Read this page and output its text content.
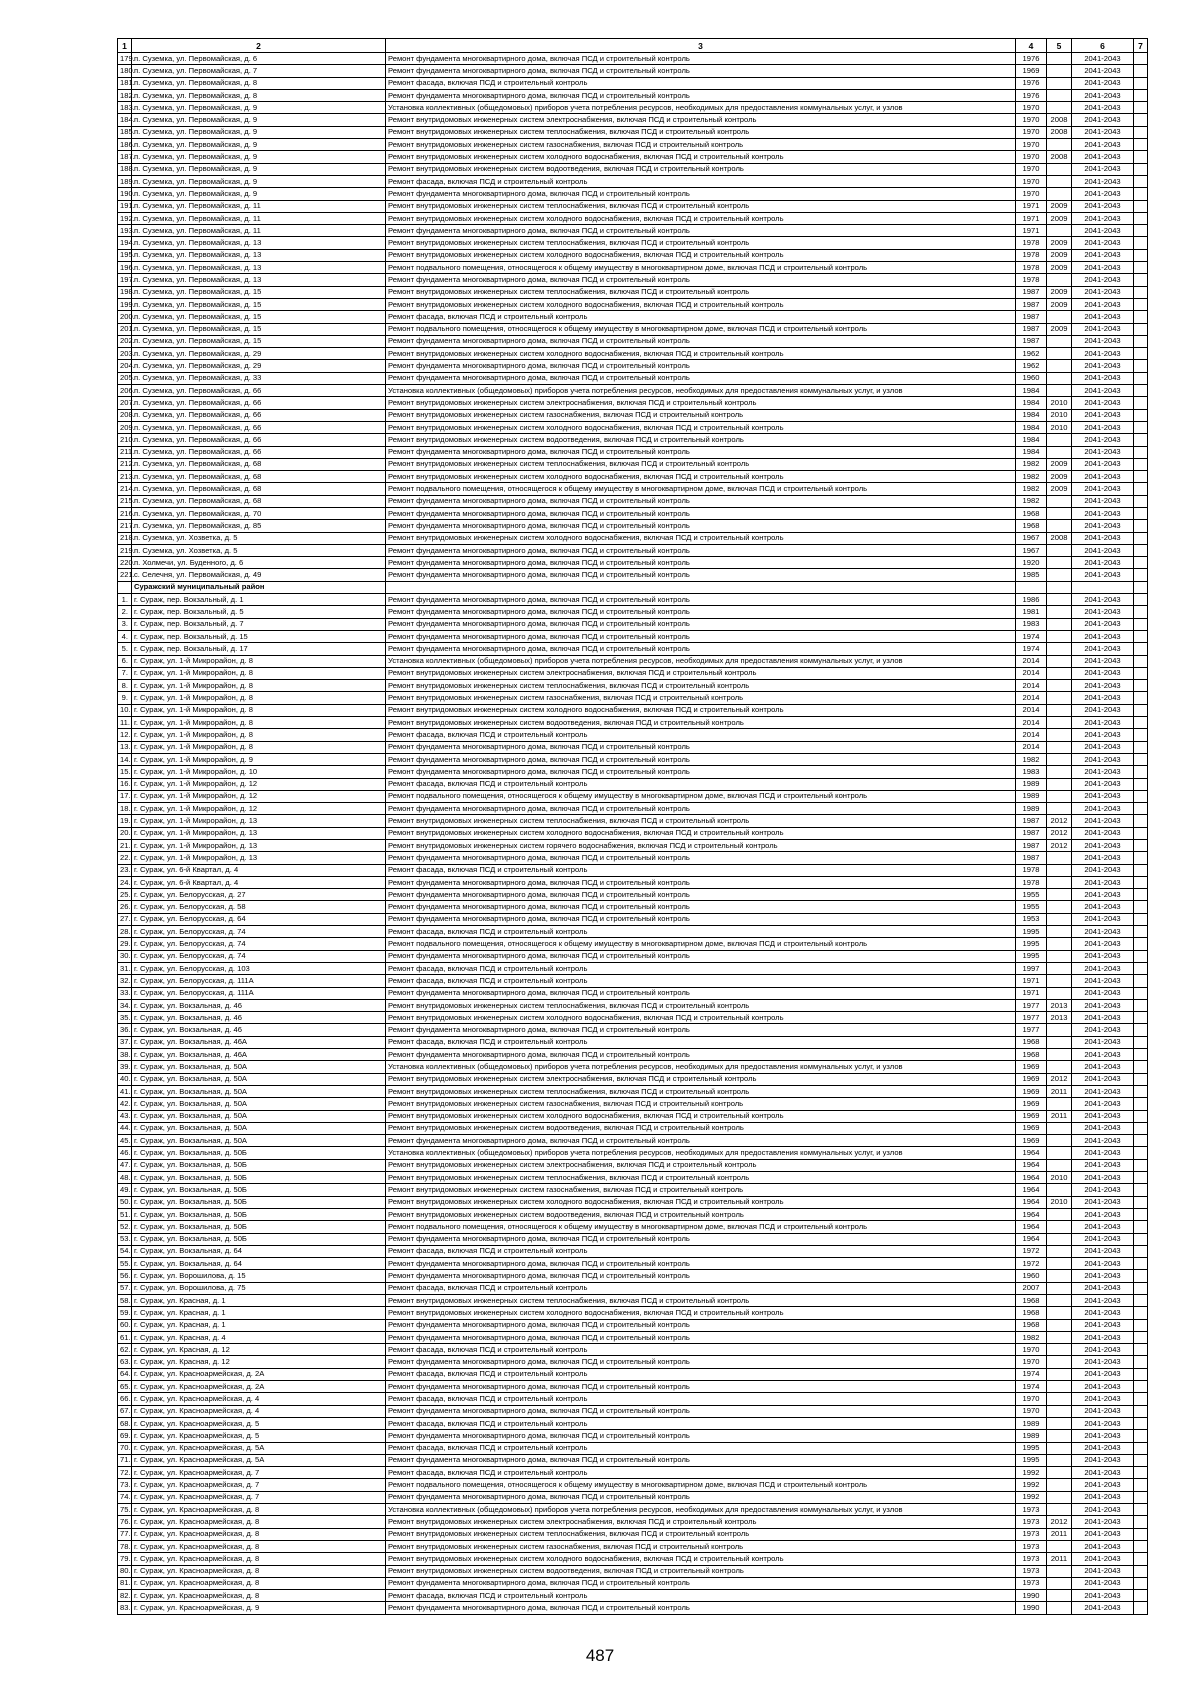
1	2	3	4	5	6	7
179.	п. Суземка, ул. Первомайская, д. 6	Ремонт фундамента многоквартирного дома, включая ПСД и строительный контроль	1976		2041-2043	
180.	п. Суземка, ул. Первомайская, д. 7	Ремонт фундамента многоквартирного дома, включая ПСД и строительный контроль	1969		2041-2043	
181.	п. Суземка, ул. Первомайская, д. 8	Ремонт фасада, включая ПСД и строительный контроль	1976		2041-2043	
182.	п. Суземка, ул. Первомайская, д. 8	Ремонт фундамента многоквартирного дома, включая ПСД и строительный контроль	1976		2041-2043	
183.	п. Суземка, ул. Первомайская, д. 9	Установка коллективных (общедомовых) приборов учета потребления ресурсов, необходимых для предоставления коммунальных услуг, и узлов	1970		2041-2043	
184.	п. Суземка, ул. Первомайская, д. 9	Ремонт внутридомовых инженерных систем электроснабжения, включая ПСД и строительный контроль	1970	2008	2041-2043	
185.	п. Суземка, ул. Первомайская, д. 9	Ремонт внутридомовых инженерных систем теплоснабжения, включая ПСД и строительный контроль	1970	2008	2041-2043	
186.	п. Суземка, ул. Первомайская, д. 9	Ремонт внутридомовых инженерных систем газоснабжения, включая ПСД и строительный контроль	1970		2041-2043	
187.	п. Суземка, ул. Первомайская, д. 9	Ремонт внутридомовых инженерных систем холодного водоснабжения, включая ПСД и строительный контроль	1970	2008	2041-2043	
188.	п. Суземка, ул. Первомайская, д. 9	Ремонт внутридомовых инженерных систем водоотведения, включая ПСД и строительный контроль	1970		2041-2043	
189.	п. Суземка, ул. Первомайская, д. 9	Ремонт фасада, включая ПСД и строительный контроль	1970		2041-2043	
190.	п. Суземка, ул. Первомайская, д. 9	Ремонт фундамента многоквартирного дома, включая ПСД и строительный контроль	1970		2041-2043	
191.	п. Суземка, ул. Первомайская, д. 11	Ремонт внутридомовых инженерных систем теплоснабжения, включая ПСД и строительный контроль	1971	2009	2041-2043	
192.	п. Суземка, ул. Первомайская, д. 11	Ремонт внутридомовых инженерных систем холодного водоснабжения, включая ПСД и строительный контроль	1971	2009	2041-2043	
193.	п. Суземка, ул. Первомайская, д. 11	Ремонт фундамента многоквартирного дома, включая ПСД и строительный контроль	1971		2041-2043	
194.	п. Суземка, ул. Первомайская, д. 13	Ремонт внутридомовых инженерных систем теплоснабжения, включая ПСД и строительный контроль	1978	2009	2041-2043	
195.	п. Суземка, ул. Первомайская, д. 13	Ремонт внутридомовых инженерных систем холодного водоснабжения, включая ПСД и строительный контроль	1978	2009	2041-2043	
196.	п. Суземка, ул. Первомайская, д. 13	Ремонт подвального помещения, относящегося к общему имуществу в многоквартирном доме, включая ПСД и строительный контроль	1978	2009	2041-2043	
197.	п. Суземка, ул. Первомайская, д. 13	Ремонт фундамента многоквартирного дома, включая ПСД и строительный контроль	1978		2041-2043	
198.	п. Суземка, ул. Первомайская, д. 15	Ремонт внутридомовых инженерных систем теплоснабжения, включая ПСД и строительный контроль	1987	2009	2041-2043	
199.	п. Суземка, ул. Первомайская, д. 15	Ремонт внутридомовых инженерных систем холодного водоснабжения, включая ПСД и строительный контроль	1987	2009	2041-2043	
200.	п. Суземка, ул. Первомайская, д. 15	Ремонт фасада, включая ПСД и строительный контроль	1987		2041-2043	
201.	п. Суземка, ул. Первомайская, д. 15	Ремонт подвального помещения, относящегося к общему имуществу в многоквартирном доме, включая ПСД и строительный контроль	1987	2009	2041-2043	
202.	п. Суземка, ул. Первомайская, д. 15	Ремонт фундамента многоквартирного дома, включая ПСД и строительный контроль	1987		2041-2043	
203.	п. Суземка, ул. Первомайская, д. 29	Ремонт внутридомовых инженерных систем холодного водоснабжения, включая ПСД и строительный контроль	1962		2041-2043	
204.	п. Суземка, ул. Первомайская, д. 29	Ремонт фундамента многоквартирного дома, включая ПСД и строительный контроль	1962		2041-2043	
205.	п. Суземка, ул. Первомайская, д. 33	Ремонт фундамента многоквартирного дома, включая ПСД и строительный контроль	1960		2041-2043	
206.	п. Суземка, ул. Первомайская, д. 66	Установка коллективных (общедомовых) приборов учета потребления ресурсов, необходимых для предоставления коммунальных услуг, и узлов	1984		2041-2043	
207.	п. Суземка, ул. Первомайская, д. 66	Ремонт внутридомовых инженерных систем электроснабжения, включая ПСД и строительный контроль	1984	2010	2041-2043	
208.	п. Суземка, ул. Первомайская, д. 66	Ремонт внутридомовых инженерных систем газоснабжения, включая ПСД и строительный контроль	1984	2010	2041-2043	
209.	п. Суземка, ул. Первомайская, д. 66	Ремонт внутридомовых инженерных систем холодного водоснабжения, включая ПСД и строительный контроль	1984	2010	2041-2043	
210.	п. Суземка, ул. Первомайская, д. 66	Ремонт внутридомовых инженерных систем водоотведения, включая ПСД и строительный контроль	1984		2041-2043	
211.	п. Суземка, ул. Первомайская, д. 66	Ремонт фундамента многоквартирного дома, включая ПСД и строительный контроль	1984		2041-2043	
212.	п. Суземка, ул. Первомайская, д. 68	Ремонт внутридомовых инженерных систем теплоснабжения, включая ПСД и строительный контроль	1982	2009	2041-2043	
213.	п. Суземка, ул. Первомайская, д. 68	Ремонт внутридомовых инженерных систем холодного водоснабжения, включая ПСД и строительный контроль	1982	2009	2041-2043	
214.	п. Суземка, ул. Первомайская, д. 68	Ремонт подвального помещения, относящегося к общему имуществу в многоквартирном доме, включая ПСД и строительный контроль	1982	2009	2041-2043	
215.	п. Суземка, ул. Первомайская, д. 68	Ремонт фундамента многоквартирного дома, включая ПСД и строительный контроль	1982		2041-2043	
216.	п. Суземка, ул. Первомайская, д. 70	Ремонт фундамента многоквартирного дома, включая ПСД и строительный контроль	1968		2041-2043	
217.	п. Суземка, ул. Первомайская, д. 85	Ремонт фундамента многоквартирного дома, включая ПСД и строительный контроль	1968		2041-2043	
218.	п. Суземка, ул. Хозветка, д. 5	Ремонт внутридомовых инженерных систем холодного водоснабжения, включая ПСД и строительный контроль	1967	2008	2041-2043	
219.	п. Суземка, ул. Хозветка, д. 5	Ремонт фундамента многоквартирного дома, включая ПСД и строительный контроль	1967		2041-2043	
220.	п. Холмечи, ул. Буденного, д. 6	Ремонт фундамента многоквартирного дома, включая ПСД и строительный контроль	1920		2041-2043	
221.	с. Селечня, ул. Первомайская, д. 49	Ремонт фундамента многоквартирного дома, включая ПСД и строительный контроль	1985		2041-2043	
	Суражский муниципальный район					
1.	г. Сураж, пер. Вокзальный, д. 1	Ремонт фундамента многоквартирного дома, включая ПСД и строительный контроль	1986		2041-2043	
2.	г. Сураж, пер. Вокзальный, д. 5	Ремонт фундамента многоквартирного дома, включая ПСД и строительный контроль	1981		2041-2043	
3.	г. Сураж, пер. Вокзальный, д. 7	Ремонт фундамента многоквартирного дома, включая ПСД и строительный контроль	1983		2041-2043	
4.	г. Сураж, пер. Вокзальный, д. 15	Ремонт фундамента многоквартирного дома, включая ПСД и строительный контроль	1974		2041-2043	
5.	г. Сураж, пер. Вокзальный, д. 17	Ремонт фундамента многоквартирного дома, включая ПСД и строительный контроль	1974		2041-2043	
6.	г. Сураж, ул. 1-й Микрорайон, д. 8	Установка коллективных (общедомовых) приборов учета потребления ресурсов, необходимых для предоставления коммунальных услуг, и узлов	2014		2041-2043	
7.	г. Сураж, ул. 1-й Микрорайон, д. 8	Ремонт внутридомовых инженерных систем электроснабжения, включая ПСД и строительный контроль	2014		2041-2043	
8.	г. Сураж, ул. 1-й Микрорайон, д. 8	Ремонт внутридомовых инженерных систем теплоснабжения, включая ПСД и строительный контроль	2014		2041-2043	
9.	г. Сураж, ул. 1-й Микрорайон, д. 8	Ремонт внутридомовых инженерных систем газоснабжения, включая ПСД и строительный контроль	2014		2041-2043	
10.	г. Сураж, ул. 1-й Микрорайон, д. 8	Ремонт внутридомовых инженерных систем холодного водоснабжения, включая ПСД и строительный контроль	2014		2041-2043	
11.	г. Сураж, ул. 1-й Микрорайон, д. 8	Ремонт внутридомовых инженерных систем водоотведения, включая ПСД и строительный контроль	2014		2041-2043	
12.	г. Сураж, ул. 1-й Микрорайон, д. 8	Ремонт фасада, включая ПСД и строительный контроль	2014		2041-2043	
13.	г. Сураж, ул. 1-й Микрорайон, д. 8	Ремонт фундамента многоквартирного дома, включая ПСД и строительный контроль	2014		2041-2043	
14.	г. Сураж, ул. 1-й Микрорайон, д. 9	Ремонт фундамента многоквартирного дома, включая ПСД и строительный контроль	1982		2041-2043	
15.	г. Сураж, ул. 1-й Микрорайон, д. 10	Ремонт фундамента многоквартирного дома, включая ПСД и строительный контроль	1983		2041-2043	
16.	г. Сураж, ул. 1-й Микрорайон, д. 12	Ремонт фасада, включая ПСД и строительный контроль	1989		2041-2043	
17.	г. Сураж, ул. 1-й Микрорайон, д. 12	Ремонт подвального помещения, относящегося к общему имуществу в многоквартирном доме, включая ПСД и строительный контроль	1989		2041-2043	
18.	г. Сураж, ул. 1-й Микрорайон, д. 12	Ремонт фундамента многоквартирного дома, включая ПСД и строительный контроль	1989		2041-2043	
19.	г. Сураж, ул. 1-й Микрорайон, д. 13	Ремонт внутридомовых инженерных систем теплоснабжения, включая ПСД и строительный контроль	1987	2012	2041-2043	
20.	г. Сураж, ул. 1-й Микрорайон, д. 13	Ремонт внутридомовых инженерных систем холодного водоснабжения, включая ПСД и строительный контроль	1987	2012	2041-2043	
21.	г. Сураж, ул. 1-й Микрорайон, д. 13	Ремонт внутридомовых инженерных систем горячего водоснабжения, включая ПСД и строительный контроль	1987	2012	2041-2043	
22.	г. Сураж, ул. 1-й Микрорайон, д. 13	Ремонт фундамента многоквартирного дома, включая ПСД и строительный контроль	1987		2041-2043	
23.	г. Сураж, ул. 6-й Квартал, д. 4	Ремонт фасада, включая ПСД и строительный контроль	1978		2041-2043	
24.	г. Сураж, ул. 6-й Квартал, д. 4	Ремонт фундамента многоквартирного дома, включая ПСД и строительный контроль	1978		2041-2043	
25.	г. Сураж, ул. Белорусская, д. 27	Ремонт фундамента многоквартирного дома, включая ПСД и строительный контроль	1955		2041-2043	
26.	г. Сураж, ул. Белорусская, д. 58	Ремонт фундамента многоквартирного дома, включая ПСД и строительный контроль	1955		2041-2043	
27.	г. Сураж, ул. Белорусская, д. 64	Ремонт фундамента многоквартирного дома, включая ПСД и строительный контроль	1953		2041-2043	
28.	г. Сураж, ул. Белорусская, д. 74	Ремонт фасада, включая ПСД и строительный контроль	1995		2041-2043	
29.	г. Сураж, ул. Белорусская, д. 74	Ремонт подвального помещения, относящегося к общему имуществу в многоквартирном доме, включая ПСД и строительный контроль	1995		2041-2043	
30.	г. Сураж, ул. Белорусская, д. 74	Ремонт фундамента многоквартирного дома, включая ПСД и строительный контроль	1995		2041-2043	
31.	г. Сураж, ул. Белорусская, д. 103	Ремонт фасада, включая ПСД и строительный контроль	1997		2041-2043	
32.	г. Сураж, ул. Белорусская, д. 111А	Ремонт фасада, включая ПСД и строительный контроль	1971		2041-2043	
33.	г. Сураж, ул. Белорусская, д. 111А	Ремонт фундамента многоквартирного дома, включая ПСД и строительный контроль	1971		2041-2043	
34.	г. Сураж, ул. Вокзальная, д. 46	Ремонт внутридомовых инженерных систем теплоснабжения, включая ПСД и строительный контроль	1977	2013	2041-2043	
35.	г. Сураж, ул. Вокзальная, д. 46	Ремонт внутридомовых инженерных систем холодного водоснабжения, включая ПСД и строительный контроль	1977	2013	2041-2043	
36.	г. Сураж, ул. Вокзальная, д. 46	Ремонт фундамента многоквартирного дома, включая ПСД и строительный контроль	1977		2041-2043	
37.	г. Сураж, ул. Вокзальная, д. 46А	Ремонт фасада, включая ПСД и строительный контроль	1968		2041-2043	
38.	г. Сураж, ул. Вокзальная, д. 46А	Ремонт фундамента многоквартирного дома, включая ПСД и строительный контроль	1968		2041-2043	
39.	г. Сураж, ул. Вокзальная, д. 50А	Установка коллективных (общедомовых) приборов учета потребления ресурсов, необходимых для предоставления коммунальных услуг, и узлов	1969		2041-2043	
40.	г. Сураж, ул. Вокзальная, д. 50А	Ремонт внутридомовых инженерных систем электроснабжения, включая ПСД и строительный контроль	1969	2012	2041-2043	
41.	г. Сураж, ул. Вокзальная, д. 50А	Ремонт внутридомовых инженерных систем теплоснабжения, включая ПСД и строительный контроль	1969	2011	2041-2043	
42.	г. Сураж, ул. Вокзальная, д. 50А	Ремонт внутридомовых инженерных систем газоснабжения, включая ПСД и строительный контроль	1969		2041-2043	
43.	г. Сураж, ул. Вокзальная, д. 50А	Ремонт внутридомовых инженерных систем холодного водоснабжения, включая ПСД и строительный контроль	1969	2011	2041-2043	
44.	г. Сураж, ул. Вокзальная, д. 50А	Ремонт внутридомовых инженерных систем водоотведения, включая ПСД и строительный контроль	1969		2041-2043	
45.	г. Сураж, ул. Вокзальная, д. 50А	Ремонт фундамента многоквартирного дома, включая ПСД и строительный контроль	1969		2041-2043	
46.	г. Сураж, ул. Вокзальная, д. 50Б	Установка коллективных (общедомовых) приборов учета потребления ресурсов, необходимых для предоставления коммунальных услуг, и узлов	1964		2041-2043	
47.	г. Сураж, ул. Вокзальная, д. 50Б	Ремонт внутридомовых инженерных систем электроснабжения, включая ПСД и строительный контроль	1964		2041-2043	
48.	г. Сураж, ул. Вокзальная, д. 50Б	Ремонт внутридомовых инженерных систем теплоснабжения, включая ПСД и строительный контроль	1964	2010	2041-2043	
49.	г. Сураж, ул. Вокзальная, д. 50Б	Ремонт внутридомовых инженерных систем газоснабжения, включая ПСД и строительный контроль	1964		2041-2043	
50.	г. Сураж, ул. Вокзальная, д. 50Б	Ремонт внутридомовых инженерных систем холодного водоснабжения, включая ПСД и строительный контроль	1964	2010	2041-2043	
51.	г. Сураж, ул. Вокзальная, д. 50Б	Ремонт внутридомовых инженерных систем водоотведения, включая ПСД и строительный контроль	1964		2041-2043	
52.	г. Сураж, ул. Вокзальная, д. 50Б	Ремонт подвального помещения, относящегося к общему имуществу в многоквартирном доме, включая ПСД и строительный контроль	1964		2041-2043	
53.	г. Сураж, ул. Вокзальная, д. 50Б	Ремонт фундамента многоквартирного дома, включая ПСД и строительный контроль	1964		2041-2043	
54.	г. Сураж, ул. Вокзальная, д. 64	Ремонт фасада, включая ПСД и строительный контроль	1972		2041-2043	
55.	г. Сураж, ул. Вокзальная, д. 64	Ремонт фундамента многоквартирного дома, включая ПСД и строительный контроль	1972		2041-2043	
56.	г. Сураж, ул. Ворошилова, д. 15	Ремонт фундамента многоквартирного дома, включая ПСД и строительный контроль	1960		2041-2043	
57.	г. Сураж, ул. Ворошилова, д. 75	Ремонт фасада, включая ПСД и строительный контроль	2007		2041-2043	
58.	г. Сураж, ул. Красная, д. 1	Ремонт внутридомовых инженерных систем теплоснабжения, включая ПСД и строительный контроль	1968		2041-2043	
59.	г. Сураж, ул. Красная, д. 1	Ремонт внутридомовых инженерных систем холодного водоснабжения, включая ПСД и строительный контроль	1968		2041-2043	
60.	г. Сураж, ул. Красная, д. 1	Ремонт фундамента многоквартирного дома, включая ПСД и строительный контроль	1968		2041-2043	
61.	г. Сураж, ул. Красная, д. 4	Ремонт фундамента многоквартирного дома, включая ПСД и строительный контроль	1982		2041-2043	
62.	г. Сураж, ул. Красная, д. 12	Ремонт фасада, включая ПСД и строительный контроль	1970		2041-2043	
63.	г. Сураж, ул. Красная, д. 12	Ремонт фундамента многоквартирного дома, включая ПСД и строительный контроль	1970		2041-2043	
64.	г. Сураж, ул. Красноармейская, д. 2А	Ремонт фасада, включая ПСД и строительный контроль	1974		2041-2043	
65.	г. Сураж, ул. Красноармейская, д. 2А	Ремонт фундамента многоквартирного дома, включая ПСД и строительный контроль	1974		2041-2043	
66.	г. Сураж, ул. Красноармейская, д. 4	Ремонт фасада, включая ПСД и строительный контроль	1970		2041-2043	
67.	г. Сураж, ул. Красноармейская, д. 4	Ремонт фундамента многоквартирного дома, включая ПСД и строительный контроль	1970		2041-2043	
68.	г. Сураж, ул. Красноармейская, д. 5	Ремонт фасада, включая ПСД и строительный контроль	1989		2041-2043	
69.	г. Сураж, ул. Красноармейская, д. 5	Ремонт фундамента многоквартирного дома, включая ПСД и строительный контроль	1989		2041-2043	
70.	г. Сураж, ул. Красноармейская, д. 5А	Ремонт фасада, включая ПСД и строительный контроль	1995		2041-2043	
71.	г. Сураж, ул. Красноармейская, д. 5А	Ремонт фундамента многоквартирного дома, включая ПСД и строительный контроль	1995		2041-2043	
72.	г. Сураж, ул. Красноармейская, д. 7	Ремонт фасада, включая ПСД и строительный контроль	1992		2041-2043	
73.	г. Сураж, ул. Красноармейская, д. 7	Ремонт подвального помещения, относящегося к общему имуществу в многоквартирном доме, включая ПСД и строительный контроль	1992		2041-2043	
74.	г. Сураж, ул. Красноармейская, д. 7	Ремонт фундамента многоквартирного дома, включая ПСД и строительный контроль	1992		2041-2043	
75.	г. Сураж, ул. Красноармейская, д. 8	Установка коллективных (общедомовых) приборов учета потребления ресурсов, необходимых для предоставления коммунальных услуг, и узлов	1973		2041-2043	
76.	г. Сураж, ул. Красноармейская, д. 8	Ремонт внутридомовых инженерных систем электроснабжения, включая ПСД и строительный контроль	1973	2012	2041-2043	
77.	г. Сураж, ул. Красноармейская, д. 8	Ремонт внутридомовых инженерных систем теплоснабжения, включая ПСД и строительный контроль	1973	2011	2041-2043	
78.	г. Сураж, ул. Красноармейская, д. 8	Ремонт внутридомовых инженерных систем газоснабжения, включая ПСД и строительный контроль	1973		2041-2043	
79.	г. Сураж, ул. Красноармейская, д. 8	Ремонт внутридомовых инженерных систем холодного водоснабжения, включая ПСД и строительный контроль	1973	2011	2041-2043	
80.	г. Сураж, ул. Красноармейская, д. 8	Ремонт внутридомовых инженерных систем водоотведения, включая ПСД и строительный контроль	1973		2041-2043	
81.	г. Сураж, ул. Красноармейская, д. 8	Ремонт фундамента многоквартирного дома, включая ПСД и строительный контроль	1973		2041-2043	
82.	г. Сураж, ул. Красноармейская, д. 8	Ремонт фасада, включая ПСД и строительный контроль	1990		2041-2043	
83.	г. Сураж, ул. Красноармейская, д. 9	Ремонт фундамента многоквартирного дома, включая ПСД и строительный контроль	1990		2041-2043	
487
